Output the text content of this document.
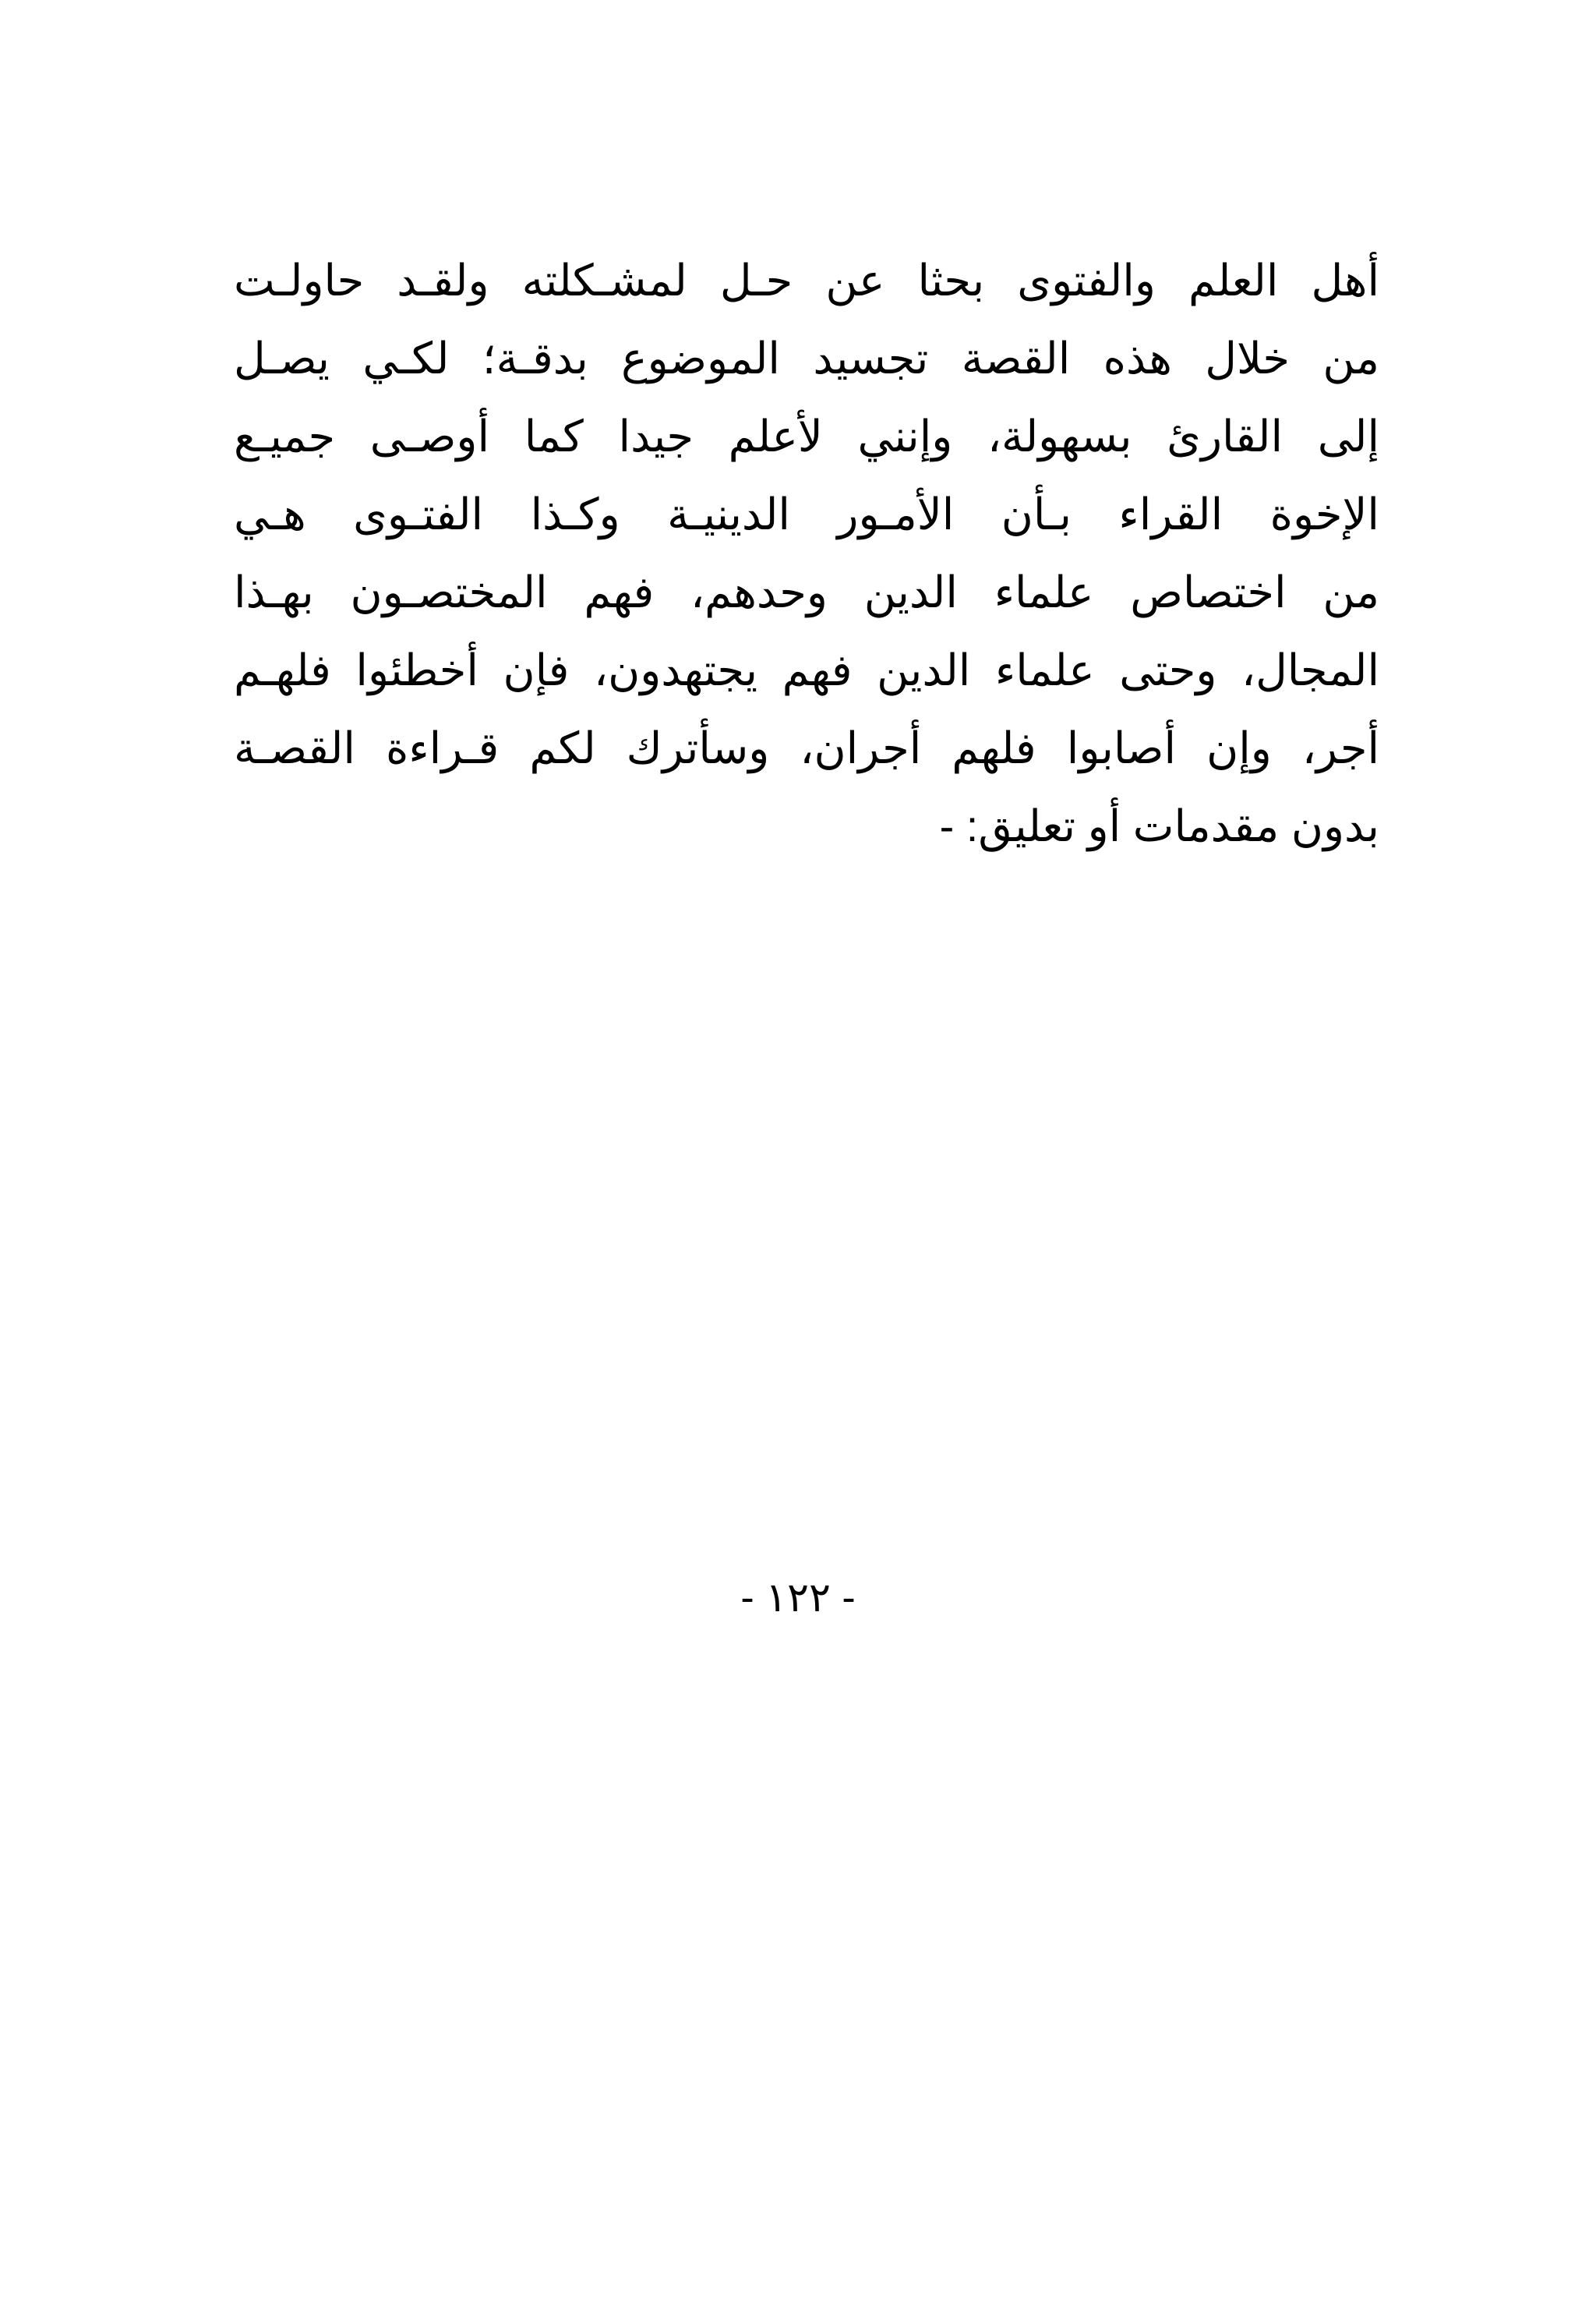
أهل العلم والفتوى بحثا عن حـل لمشـكلته ولقـد حاولـت
من خلال هذه القصة تجسيد الموضوع بدقـة؛ لكـي يصـل
إلى القارئ بسهولة، وإنني لأعلم جيدا كما أوصـى جميـع
الإخوة القراء بـأن الأمـور الدينيـة وكـذا الفتـوى هـي
من اختصاص علماء الدين وحدهم، فهم المختصـون بهـذا
المجال، وحتى علماء الدين فهم يجتهدون، فإن أخطئوا فلهـم
أجر، وإن أصابوا فلهم أجران، وسأترك لكم قـراءة القصـة
بدون مقدمات أو تعليق: -
- ١٢٢ -
